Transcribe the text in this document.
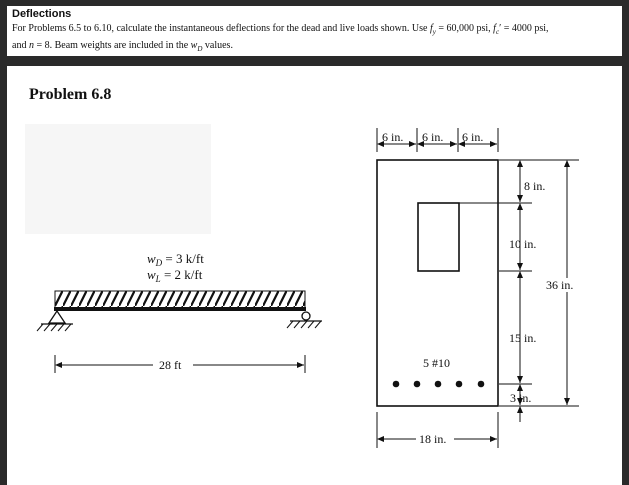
Deflections
For Problems 6.5 to 6.10, calculate the instantaneous deflections for the dead and live loads shown. Use $f_y = 60,000$ psi, $f_c' = 4000$ psi,
and n = 8. Beam weights are included in the $w_D$ values.
Problem 6.8
$w_D = 3$ k/ft
$w_L = 2$ k/ft
28 ft
6 in. 6 in. 6 in.
5 #10
8 in.
10 in.
15 in.
3 in.
36 in.
18 in.
